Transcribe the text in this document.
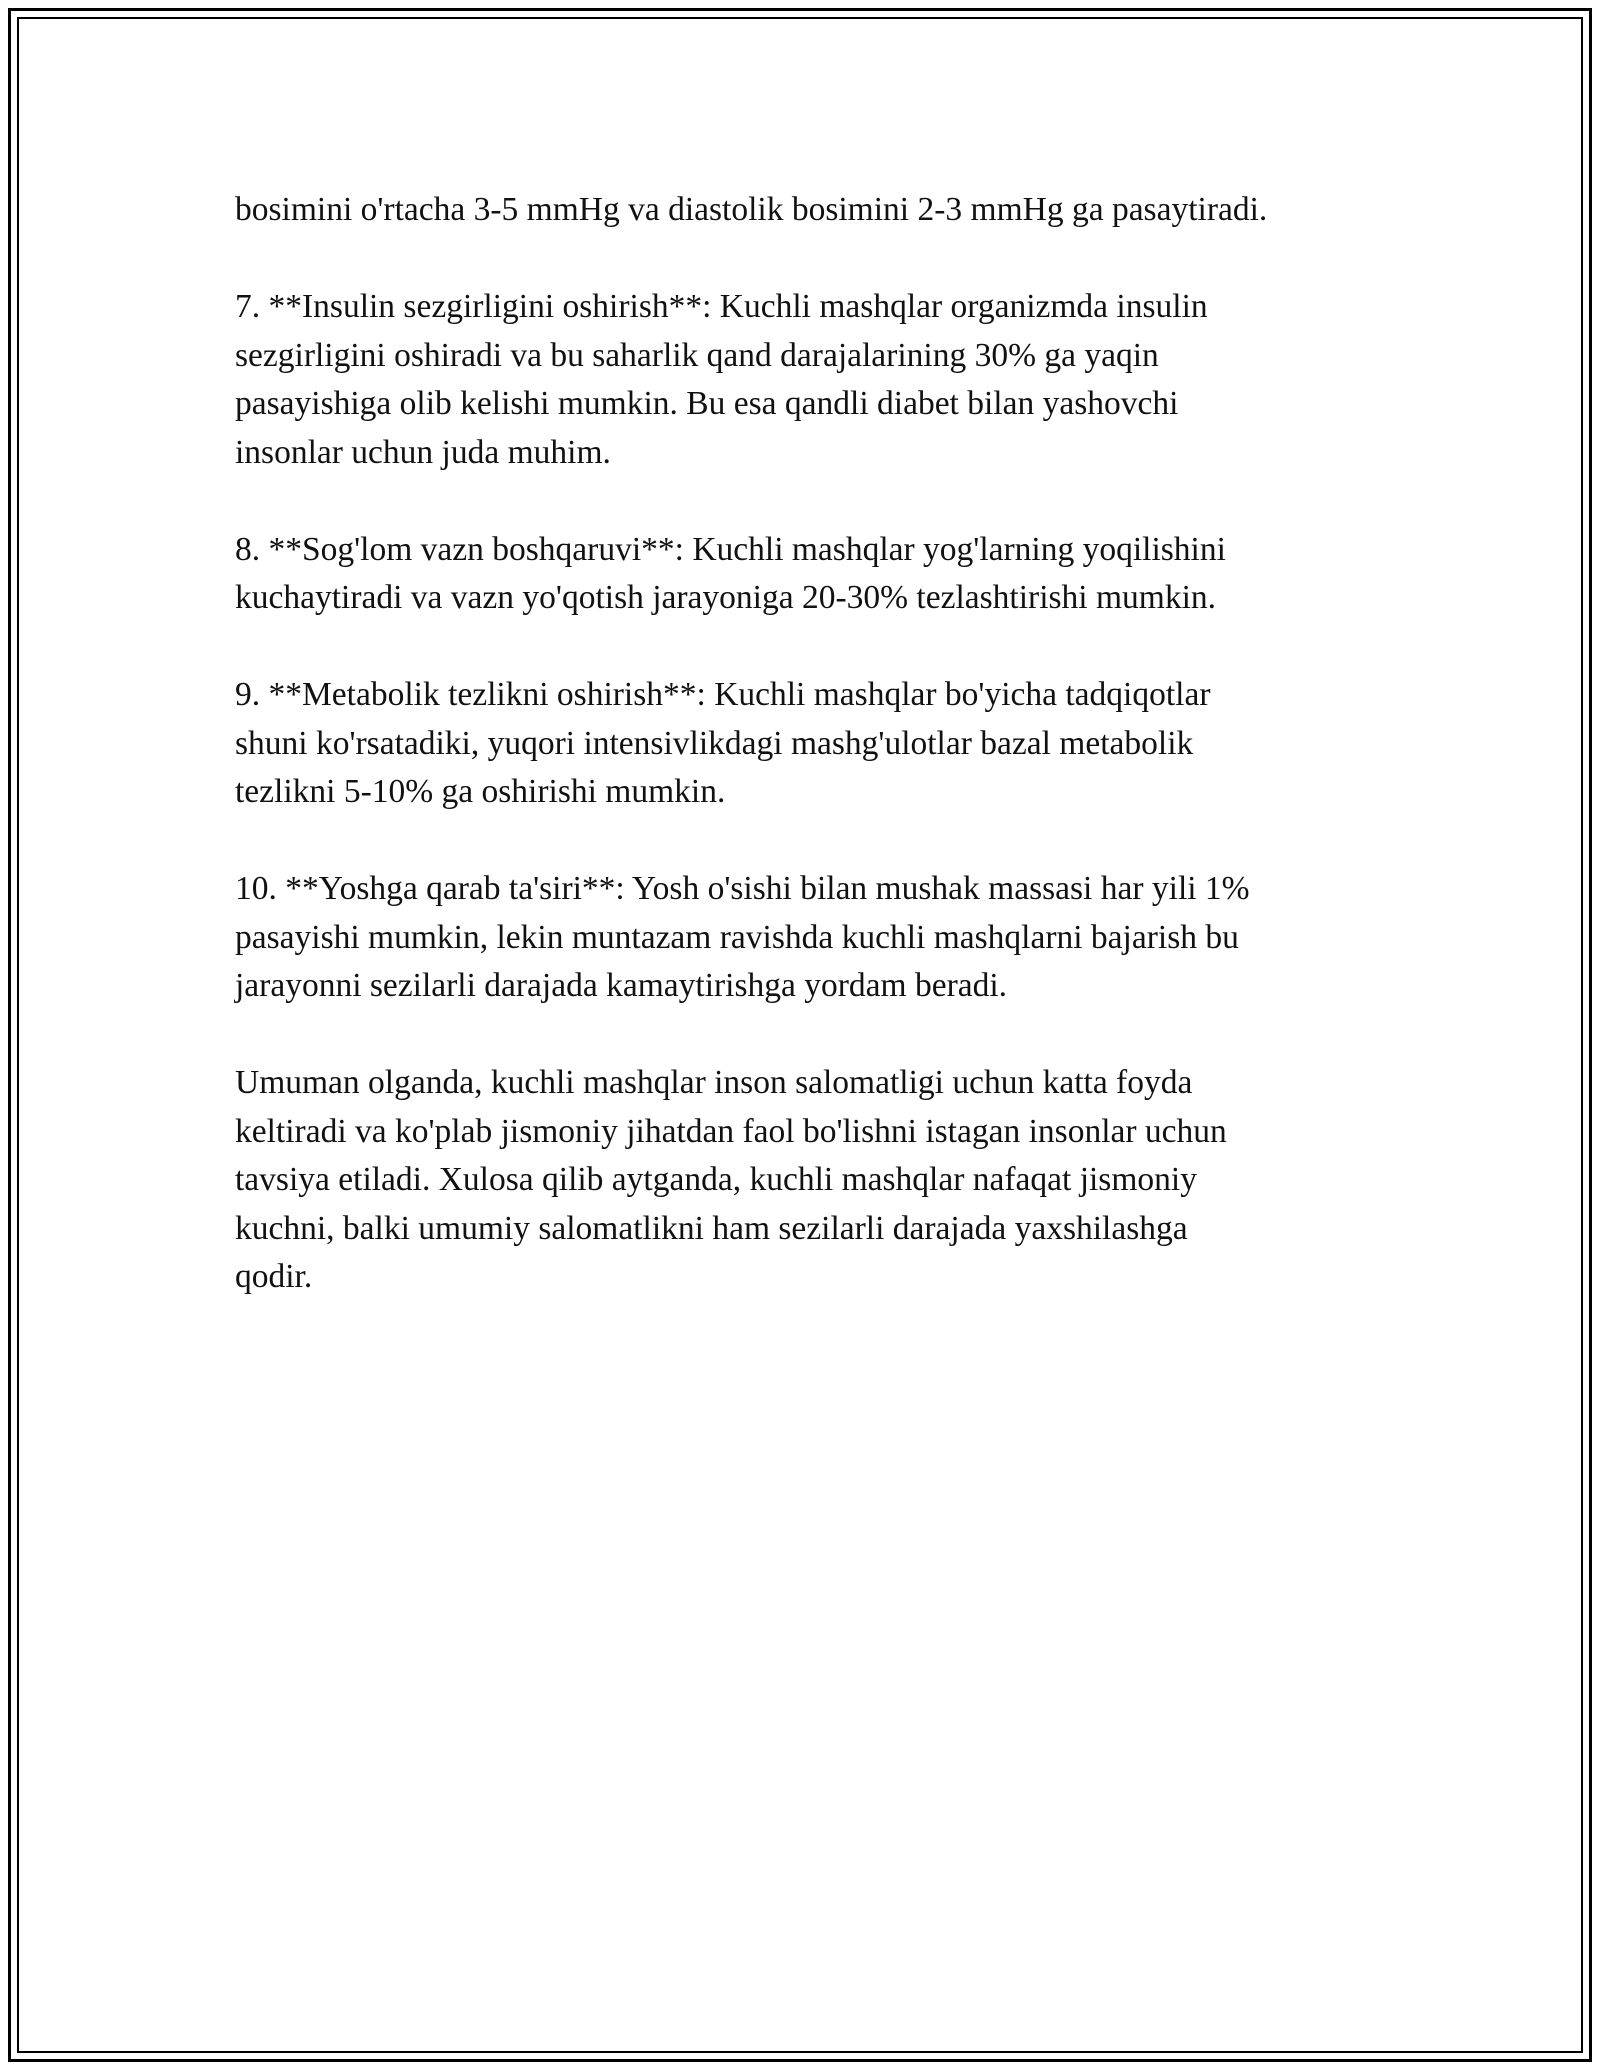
bosimini o'rtacha 3-5 mmHg va diastolik bosimini 2-3 mmHg ga pasaytiradi.

7. **Insulin sezgirligini oshirish**: Kuchli mashqlar organizmda insulin
sezgirligini oshiradi va bu saharlik qand darajalarining 30% ga yaqin
pasayishiga olib kelishi mumkin. Bu esa qandli diabet bilan yashovchi
insonlar uchun juda muhim.

8. **Sog'lom vazn boshqaruvi**: Kuchli mashqlar yog'larning yoqilishini
kuchaytiradi va vazn yo'qotish jarayoniga 20-30% tezlashtirishi mumkin.

9. **Metabolik tezlikni oshirish**: Kuchli mashqlar bo'yicha tadqiqotlar
shuni ko'rsatadiki, yuqori intensivlikdagi mashg'ulotlar bazal metabolik
tezlikni 5-10% ga oshirishi mumkin.

10. **Yoshga qarab ta'siri**: Yosh o'sishi bilan mushak massasi har yili 1%
pasayishi mumkin, lekin muntazam ravishda kuchli mashqlarni bajarish bu
jarayonni sezilarli darajada kamaytirishga yordam beradi.

Umuman olganda, kuchli mashqlar inson salomatligi uchun katta foyda
keltiradi va ko'plab jismoniy jihatdan faol bo'lishni istagan insonlar uchun
tavsiya etiladi. Xulosa qilib aytganda, kuchli mashqlar nafaqat jismoniy
kuchni, balki umumiy salomatlikni ham sezilarli darajada yaxshilashga
qodir.
